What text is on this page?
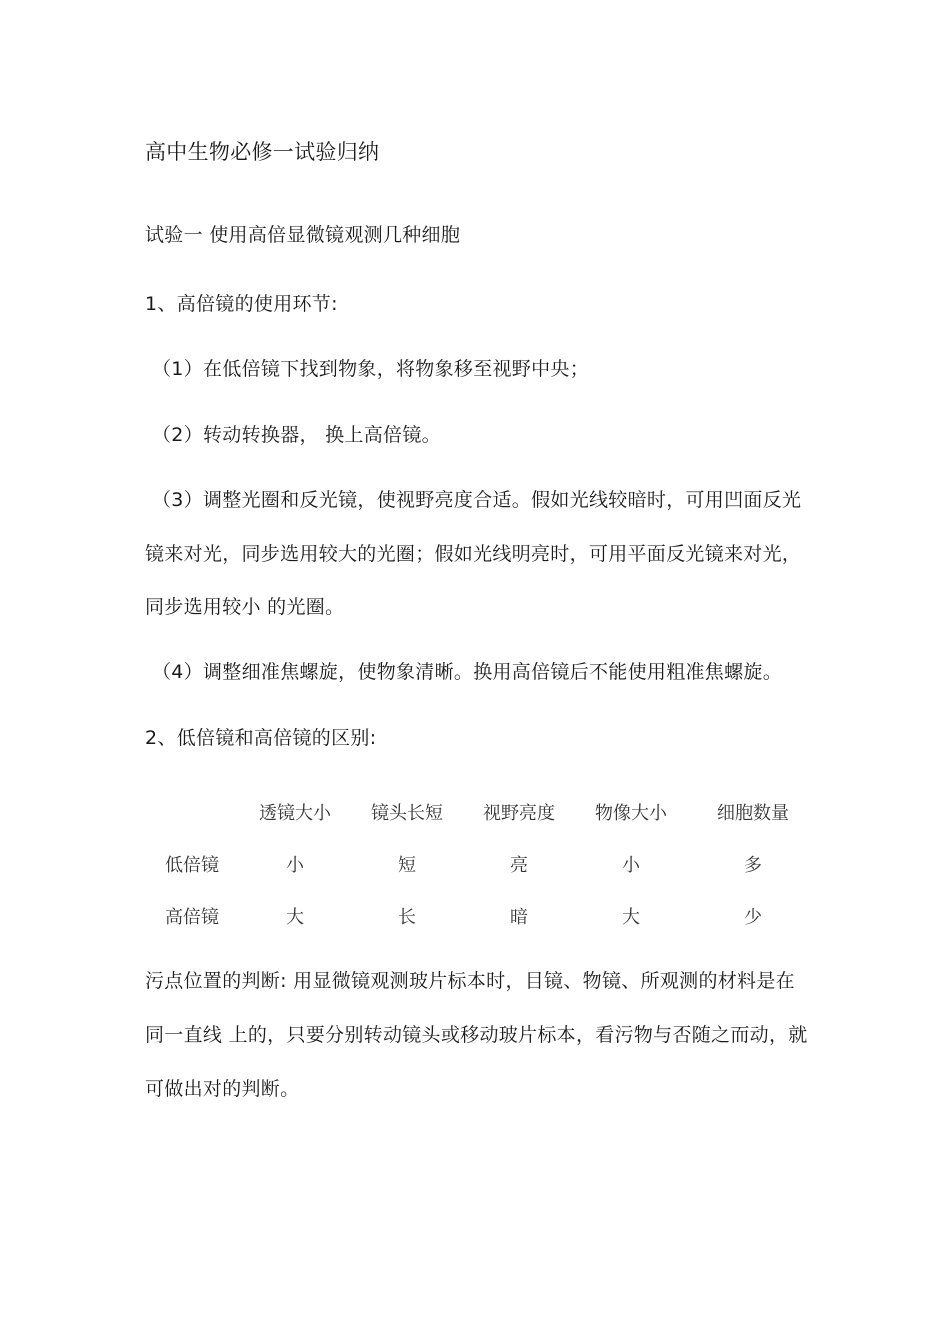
高中生物必修一试验归纳
试验一 使用高倍显微镜观测几种细胞
1、高倍镜的使用环节:
（1）在低倍镜下找到物象，将物象移至视野中央；
（2）转动转换器， 换上高倍镜。
（3）调整光圈和反光镜，使视野亮度合适。假如光线较暗时，可用凹面反光
镜来对光，同步选用较大的光圈；假如光线明亮时，可用平面反光镜来对光，
同步选用较小 的光圈。
（4）调整细准焦螺旋，使物象清晰。换用高倍镜后不能使用粗准焦螺旋。
2、低倍镜和高倍镜的区别:
	透镜大小	镜头长短	视野亮度	物像大小	细胞数量
低倍镜	小	短	亮	小	多
高倍镜	大	长	暗	大	少
污点位置的判断: 用显微镜观测玻片标本时，目镜、物镜、所观测的材料是在
同一直线 上的，只要分别转动镜头或移动玻片标本，看污物与否随之而动，就
可做出对的判断。
